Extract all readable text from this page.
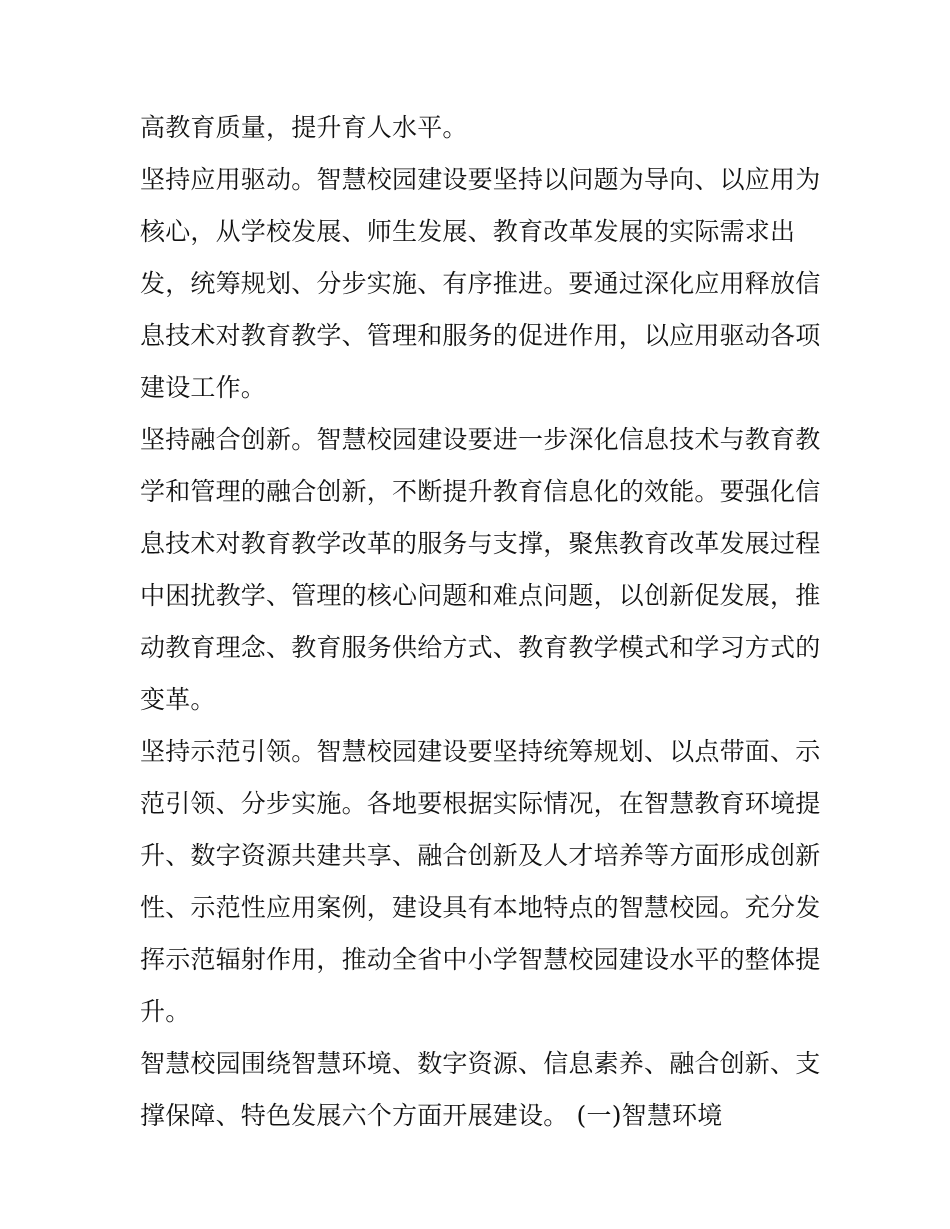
高教育质量，提升育人水平。
坚持应用驱动。智慧校园建设要坚持以问题为导向、以应用为
核心，从学校发展、师生发展、教育改革发展的实际需求出
发，统筹规划、分步实施、有序推进。要通过深化应用释放信
息技术对教育教学、管理和服务的促进作用，以应用驱动各项
建设工作。
坚持融合创新。智慧校园建设要进一步深化信息技术与教育教
学和管理的融合创新，不断提升教育信息化的效能。要强化信
息技术对教育教学改革的服务与支撑，聚焦教育改革发展过程
中困扰教学、管理的核心问题和难点问题，以创新促发展，推
动教育理念、教育服务供给方式、教育教学模式和学习方式的
变革。
坚持示范引领。智慧校园建设要坚持统筹规划、以点带面、示
范引领、分步实施。各地要根据实际情况，在智慧教育环境提
升、数字资源共建共享、融合创新及人才培养等方面形成创新
性、示范性应用案例，建设具有本地特点的智慧校园。充分发
挥示范辐射作用，推动全省中小学智慧校园建设水平的整体提
升。
智慧校园围绕智慧环境、数字资源、信息素养、融合创新、支
撑保障、特色发展六个方面开展建设。 (一)智慧环境
